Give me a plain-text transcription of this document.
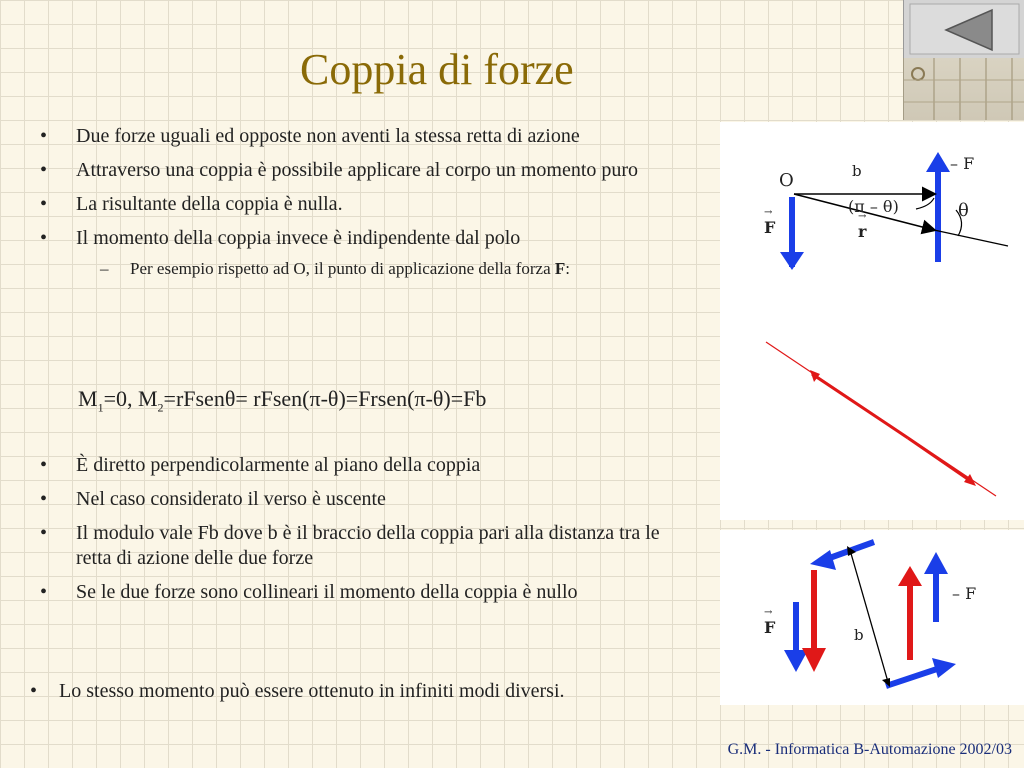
Coppia di forze
• Due forze uguali ed opposte non aventi la stessa retta di azione
• Attraverso una coppia è possibile applicare al corpo un momento puro
• La risultante della coppia è nulla.
• Il momento della coppia invece è indipendente dal polo
– Per esempio rispetto ad O, il punto di applicazione della forza F:
$M_1=0$, $M_2=rFsen\theta=$ rFsen(π-θ)=Frsen(π-θ)=Fb
• È diretto perpendicolarmente al piano della coppia
• Nel caso considerato il verso è uscente
• Il modulo vale Fb dove b è il braccio della coppia pari alla distanza tra le retta di azione delle due forze
• Se le due forze sono collineari il momento della coppia è nullo
• Lo stesso momento può essere ottenuto in infiniti modi diversi.
G.M. - Informatica B-Automazione 2002/03
O	b
(π – θ)	θ
→ r
→ F
– F
→ F
– F
b
